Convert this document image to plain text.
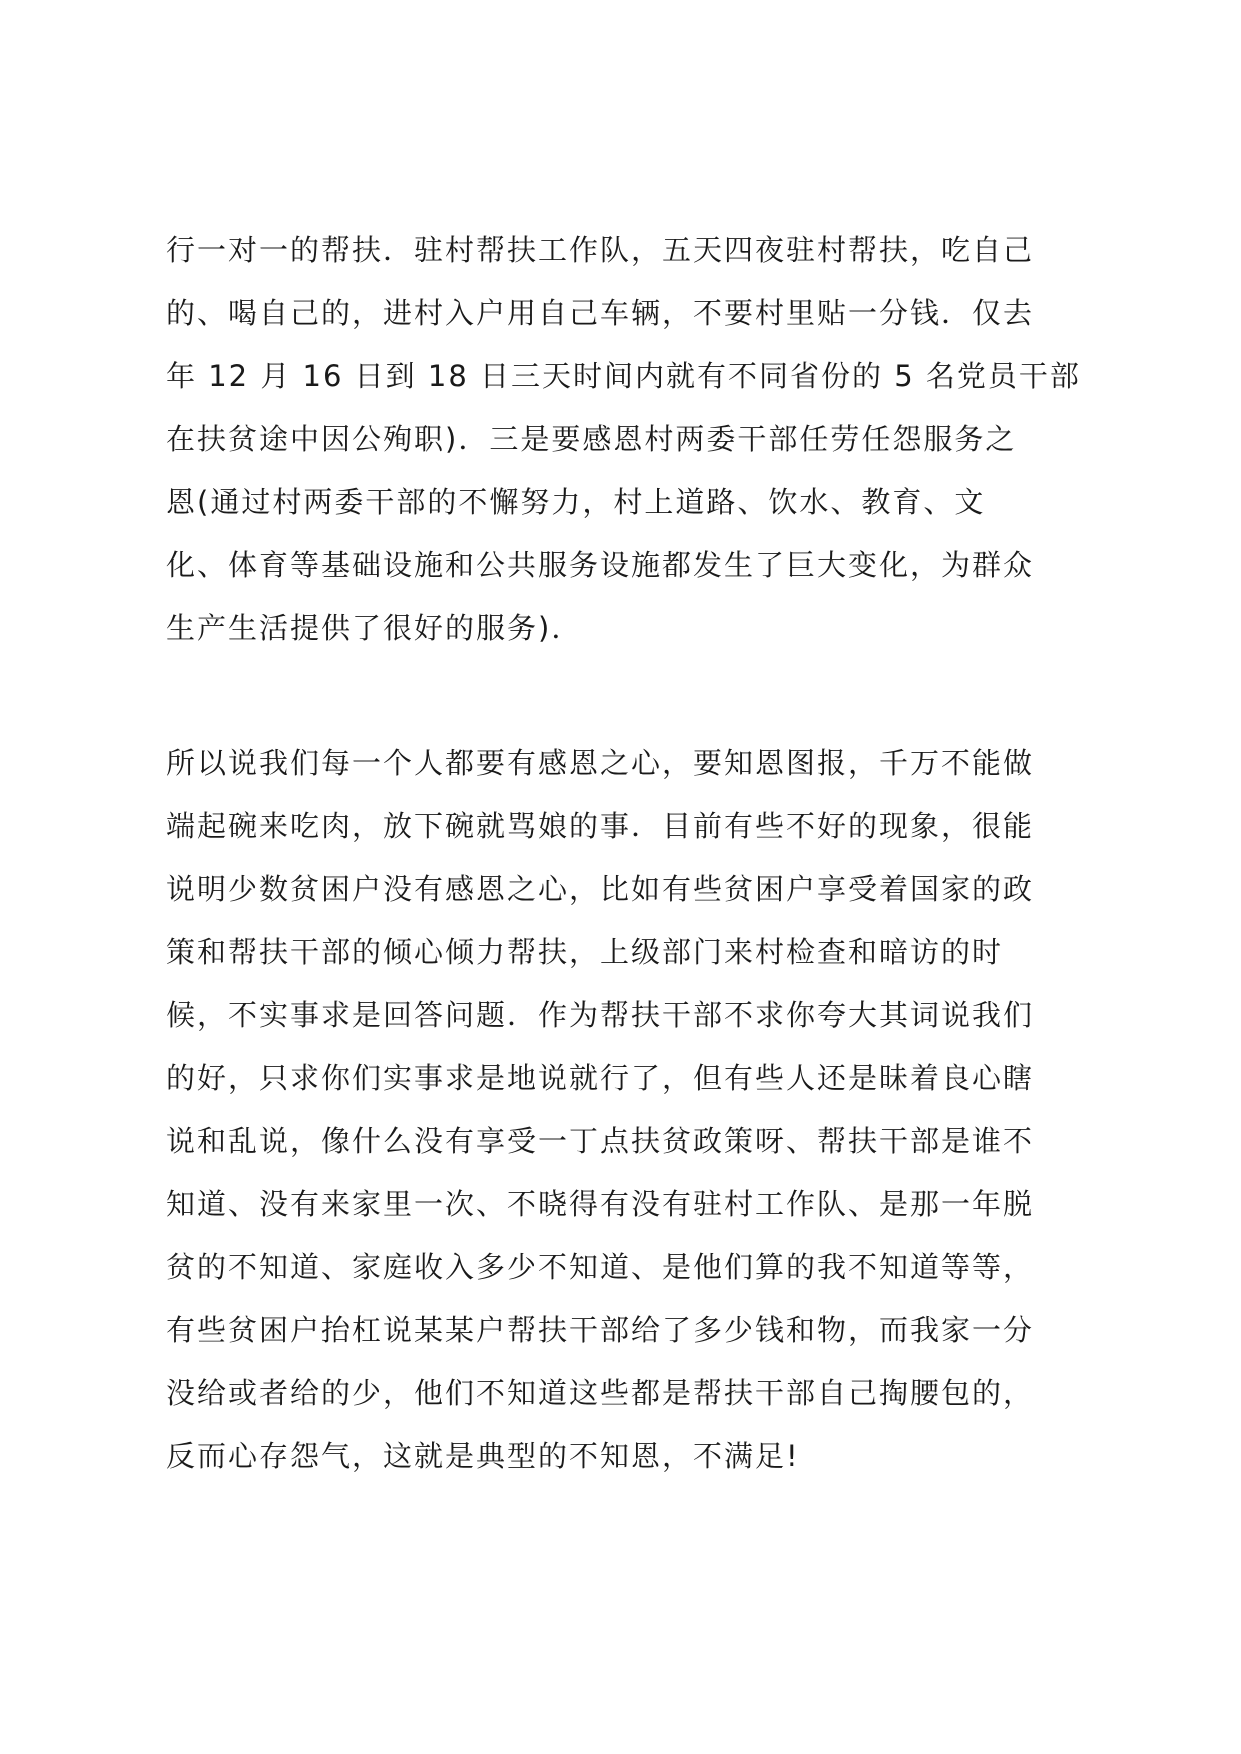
行一对一的帮扶．驻村帮扶工作队，五天四夜驻村帮扶，吃自己
的、喝自己的，进村入户用自己车辆，不要村里贴一分钱．仅去
年 12 月 16 日到 18 日三天时间内就有不同省份的 5 名党员干部
在扶贫途中因公殉职)．三是要感恩村两委干部任劳任怨服务之
恩(通过村两委干部的不懈努力，村上道路、饮水、教育、文
化、体育等基础设施和公共服务设施都发生了巨大变化，为群众
生产生活提供了很好的服务)．
所以说我们每一个人都要有感恩之心，要知恩图报，千万不能做
端起碗来吃肉，放下碗就骂娘的事．目前有些不好的现象，很能
说明少数贫困户没有感恩之心，比如有些贫困户享受着国家的政
策和帮扶干部的倾心倾力帮扶，上级部门来村检查和暗访的时
候，不实事求是回答问题．作为帮扶干部不求你夸大其词说我们
的好，只求你们实事求是地说就行了，但有些人还是昧着良心瞎
说和乱说，像什么没有享受一丁点扶贫政策呀、帮扶干部是谁不
知道、没有来家里一次、不晓得有没有驻村工作队、是那一年脱
贫的不知道、家庭收入多少不知道、是他们算的我不知道等等，
有些贫困户抬杠说某某户帮扶干部给了多少钱和物，而我家一分
没给或者给的少，他们不知道这些都是帮扶干部自己掏腰包的，
反而心存怨气，这就是典型的不知恩，不满足!
